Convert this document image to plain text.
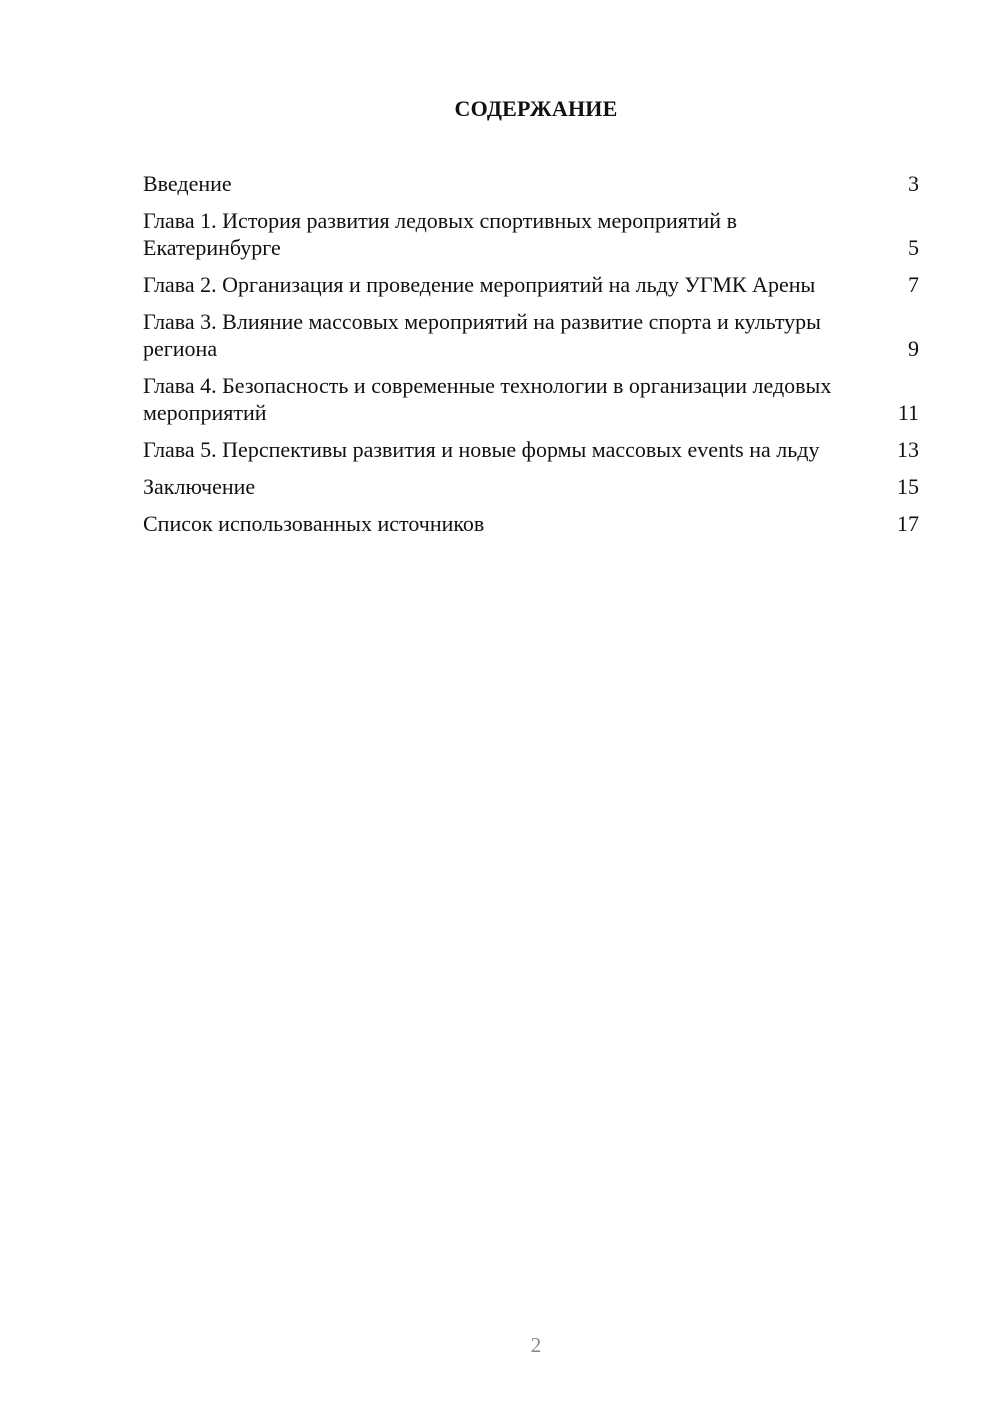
СОДЕРЖАНИЕ
Введение	3
Глава 1. История развития ледовых спортивных мероприятий в Екатеринбурге	5
Глава 2. Организация и проведение мероприятий на льду УГМК Арены	7
Глава 3. Влияние массовых мероприятий на развитие спорта и культуры региона	9
Глава 4. Безопасность и современные технологии в организации ледовых мероприятий	11
Глава 5. Перспективы развития и новые формы массовых events на льду	13
Заключение	15
Список использованных источников	17
2
